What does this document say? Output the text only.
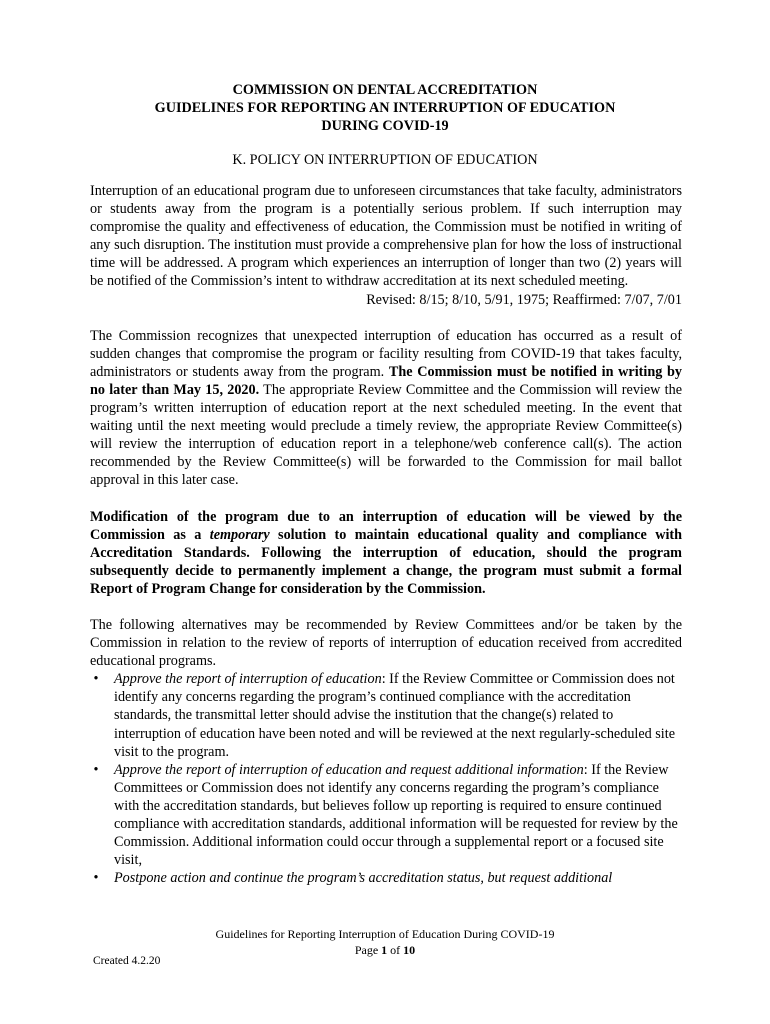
COMMISSION ON DENTAL ACCREDITATION
GUIDELINES FOR REPORTING AN INTERRUPTION OF EDUCATION
DURING COVID-19
K. POLICY ON INTERRUPTION OF EDUCATION

Interruption of an educational program due to unforeseen circumstances that take faculty, administrators or students away from the program is a potentially serious problem. If such interruption may compromise the quality and effectiveness of education, the Commission must be notified in writing of any such disruption. The institution must provide a comprehensive plan for how the loss of instructional time will be addressed. A program which experiences an interruption of longer than two (2) years will be notified of the Commission’s intent to withdraw accreditation at its next scheduled meeting.

Revised: 8/15; 8/10, 5/91, 1975; Reaffirmed: 7/07, 7/01

The Commission recognizes that unexpected interruption of education has occurred as a result of sudden changes that compromise the program or facility resulting from COVID-19 that takes faculty, administrators or students away from the program. The Commission must be notified in writing by no later than May 15, 2020. The appropriate Review Committee and the Commission will review the program’s written interruption of education report at the next scheduled meeting. In the event that waiting until the next meeting would preclude a timely review, the appropriate Review Committee(s) will review the interruption of education report in a telephone/web conference call(s). The action recommended by the Review Committee(s) will be forwarded to the Commission for mail ballot approval in this later case.

Modification of the program due to an interruption of education will be viewed by the Commission as a temporary solution to maintain educational quality and compliance with Accreditation Standards. Following the interruption of education, should the program subsequently decide to permanently implement a change, the program must submit a formal Report of Program Change for consideration by the Commission.

The following alternatives may be recommended by Review Committees and/or be taken by the Commission in relation to the review of reports of interruption of education received from accredited educational programs.

• Approve the report of interruption of education: If the Review Committee or Commission does not identify any concerns regarding the program’s continued compliance with the accreditation standards, the transmittal letter should advise the institution that the change(s) related to interruption of education have been noted and will be reviewed at the next regularly-scheduled site visit to the program.
• Approve the report of interruption of education and request additional information: If the Review Committees or Commission does not identify any concerns regarding the program’s compliance with the accreditation standards, but believes follow up reporting is required to ensure continued compliance with accreditation standards, additional information will be requested for review by the Commission. Additional information could occur through a supplemental report or a focused site visit,
• Postpone action and continue the program’s accreditation status, but request additional
Guidelines for Reporting Interruption of Education During COVID-19
Page 1 of 10
Created 4.2.20
